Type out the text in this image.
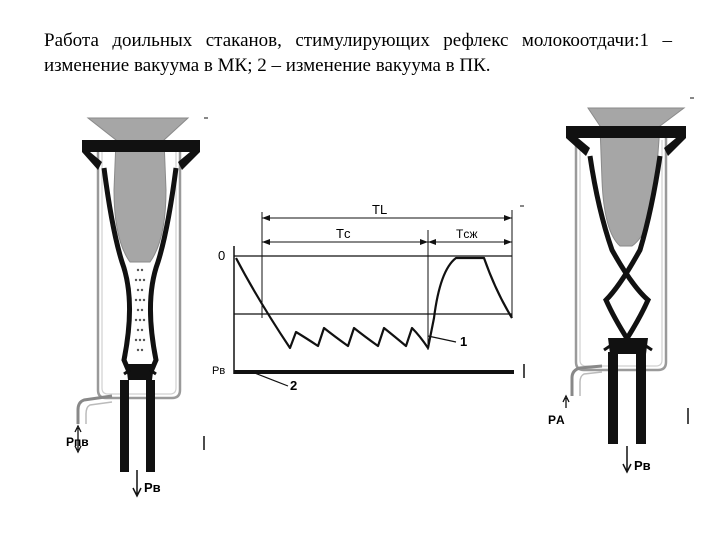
Работа доильных стаканов, стимулирующих рефлекс молокоотдачи:1 – изменение вакуума в МК; 2 – изменение вакуума в ПК.
Pпв
Pв
TL
Tс	Tсж
0
Pв
1
2
PА
Pв
